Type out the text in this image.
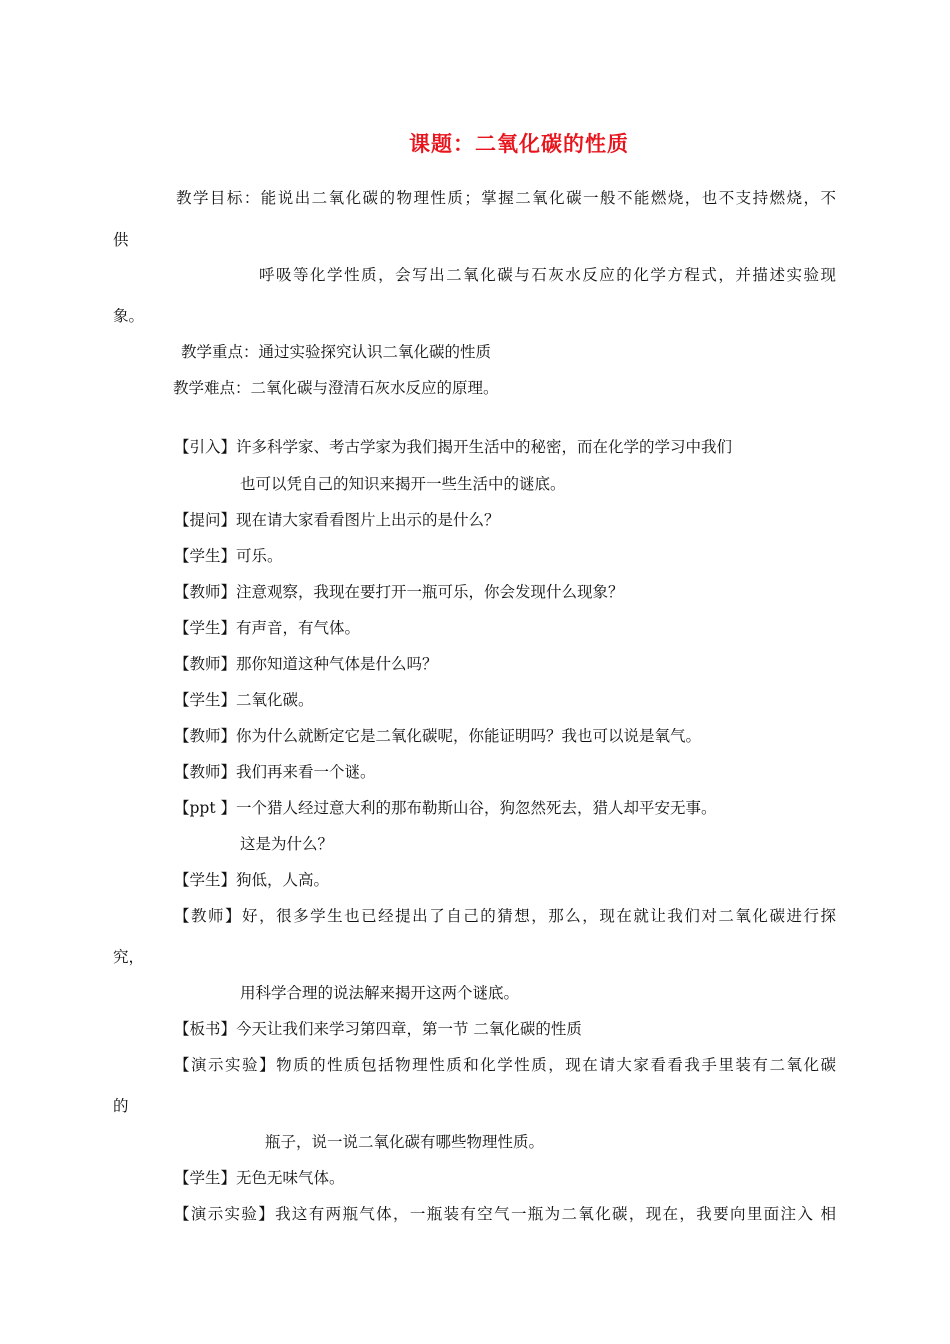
课题：二氧化碳的性质
教学目标：能说出二氧化碳的物理性质；掌握二氧化碳一般不能燃烧，也不支持燃烧，不
供
呼吸等化学性质，会写出二氧化碳与石灰水反应的化学方程式，并描述实验现
象。
教学重点：通过实验探究认识二氧化碳的性质
教学难点：二氧化碳与澄清石灰水反应的原理。
【引入】许多科学家、考古学家为我们揭开生活中的秘密，而在化学的学习中我们
也可以凭自己的知识来揭开一些生活中的谜底。
【提问】现在请大家看看图片上出示的是什么？
【学生】可乐。
【教师】注意观察，我现在要打开一瓶可乐，你会发现什么现象？
【学生】有声音，有气体。
【教师】那你知道这种气体是什么吗？
【学生】二氧化碳。
【教师】你为什么就断定它是二氧化碳呢，你能证明吗？我也可以说是氧气。
【教师】我们再来看一个谜。
【ppt 】一个猎人经过意大利的那布勒斯山谷，狗忽然死去，猎人却平安无事。
这是为什么？
【学生】狗低，人高。
【教师】好，很多学生也已经提出了自己的猜想，那么，现在就让我们对二氧化碳进行探
究，
用科学合理的说法解来揭开这两个谜底。
【板书】今天让我们来学习第四章，第一节 二氧化碳的性质
【演示实验】物质的性质包括物理性质和化学性质，现在请大家看看我手里装有二氧化碳
的
瓶子，说一说二氧化碳有哪些物理性质。
【学生】无色无味气体。
【演示实验】我这有两瓶气体，一瓶装有空气一瓶为二氧化碳，现在，我要向里面注入 相
